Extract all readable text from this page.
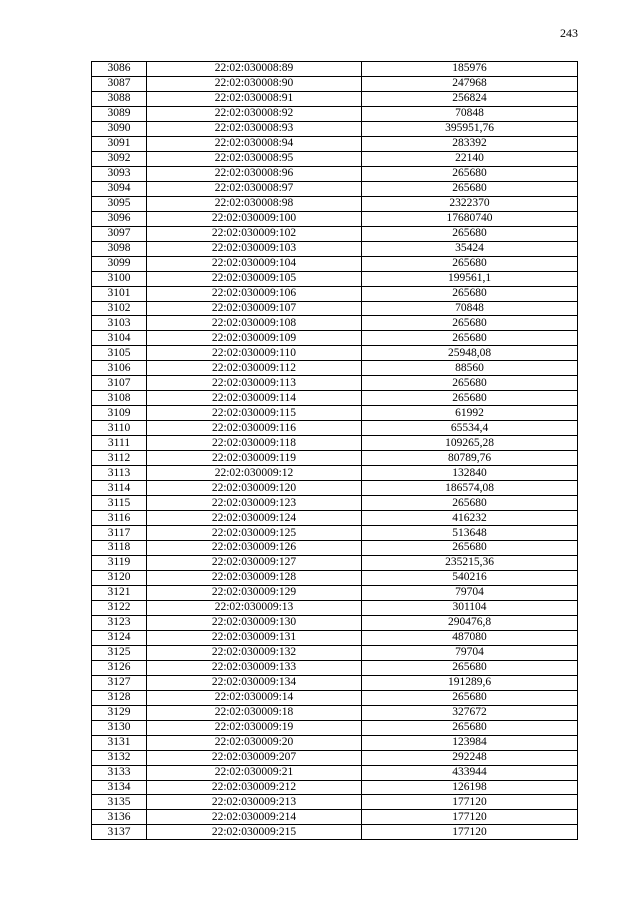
243
3086	22:02:030008:89	185976
3087	22:02:030008:90	247968
3088	22:02:030008:91	256824
3089	22:02:030008:92	70848
3090	22:02:030008:93	395951,76
3091	22:02:030008:94	283392
3092	22:02:030008:95	22140
3093	22:02:030008:96	265680
3094	22:02:030008:97	265680
3095	22:02:030008:98	2322370
3096	22:02:030009:100	17680740
3097	22:02:030009:102	265680
3098	22:02:030009:103	35424
3099	22:02:030009:104	265680
3100	22:02:030009:105	199561,1
3101	22:02:030009:106	265680
3102	22:02:030009:107	70848
3103	22:02:030009:108	265680
3104	22:02:030009:109	265680
3105	22:02:030009:110	25948,08
3106	22:02:030009:112	88560
3107	22:02:030009:113	265680
3108	22:02:030009:114	265680
3109	22:02:030009:115	61992
3110	22:02:030009:116	65534,4
3111	22:02:030009:118	109265,28
3112	22:02:030009:119	80789,76
3113	22:02:030009:12	132840
3114	22:02:030009:120	186574,08
3115	22:02:030009:123	265680
3116	22:02:030009:124	416232
3117	22:02:030009:125	513648
3118	22:02:030009:126	265680
3119	22:02:030009:127	235215,36
3120	22:02:030009:128	540216
3121	22:02:030009:129	79704
3122	22:02:030009:13	301104
3123	22:02:030009:130	290476,8
3124	22:02:030009:131	487080
3125	22:02:030009:132	79704
3126	22:02:030009:133	265680
3127	22:02:030009:134	191289,6
3128	22:02:030009:14	265680
3129	22:02:030009:18	327672
3130	22:02:030009:19	265680
3131	22:02:030009:20	123984
3132	22:02:030009:207	292248
3133	22:02:030009:21	433944
3134	22:02:030009:212	126198
3135	22:02:030009:213	177120
3136	22:02:030009:214	177120
3137	22:02:030009:215	177120
